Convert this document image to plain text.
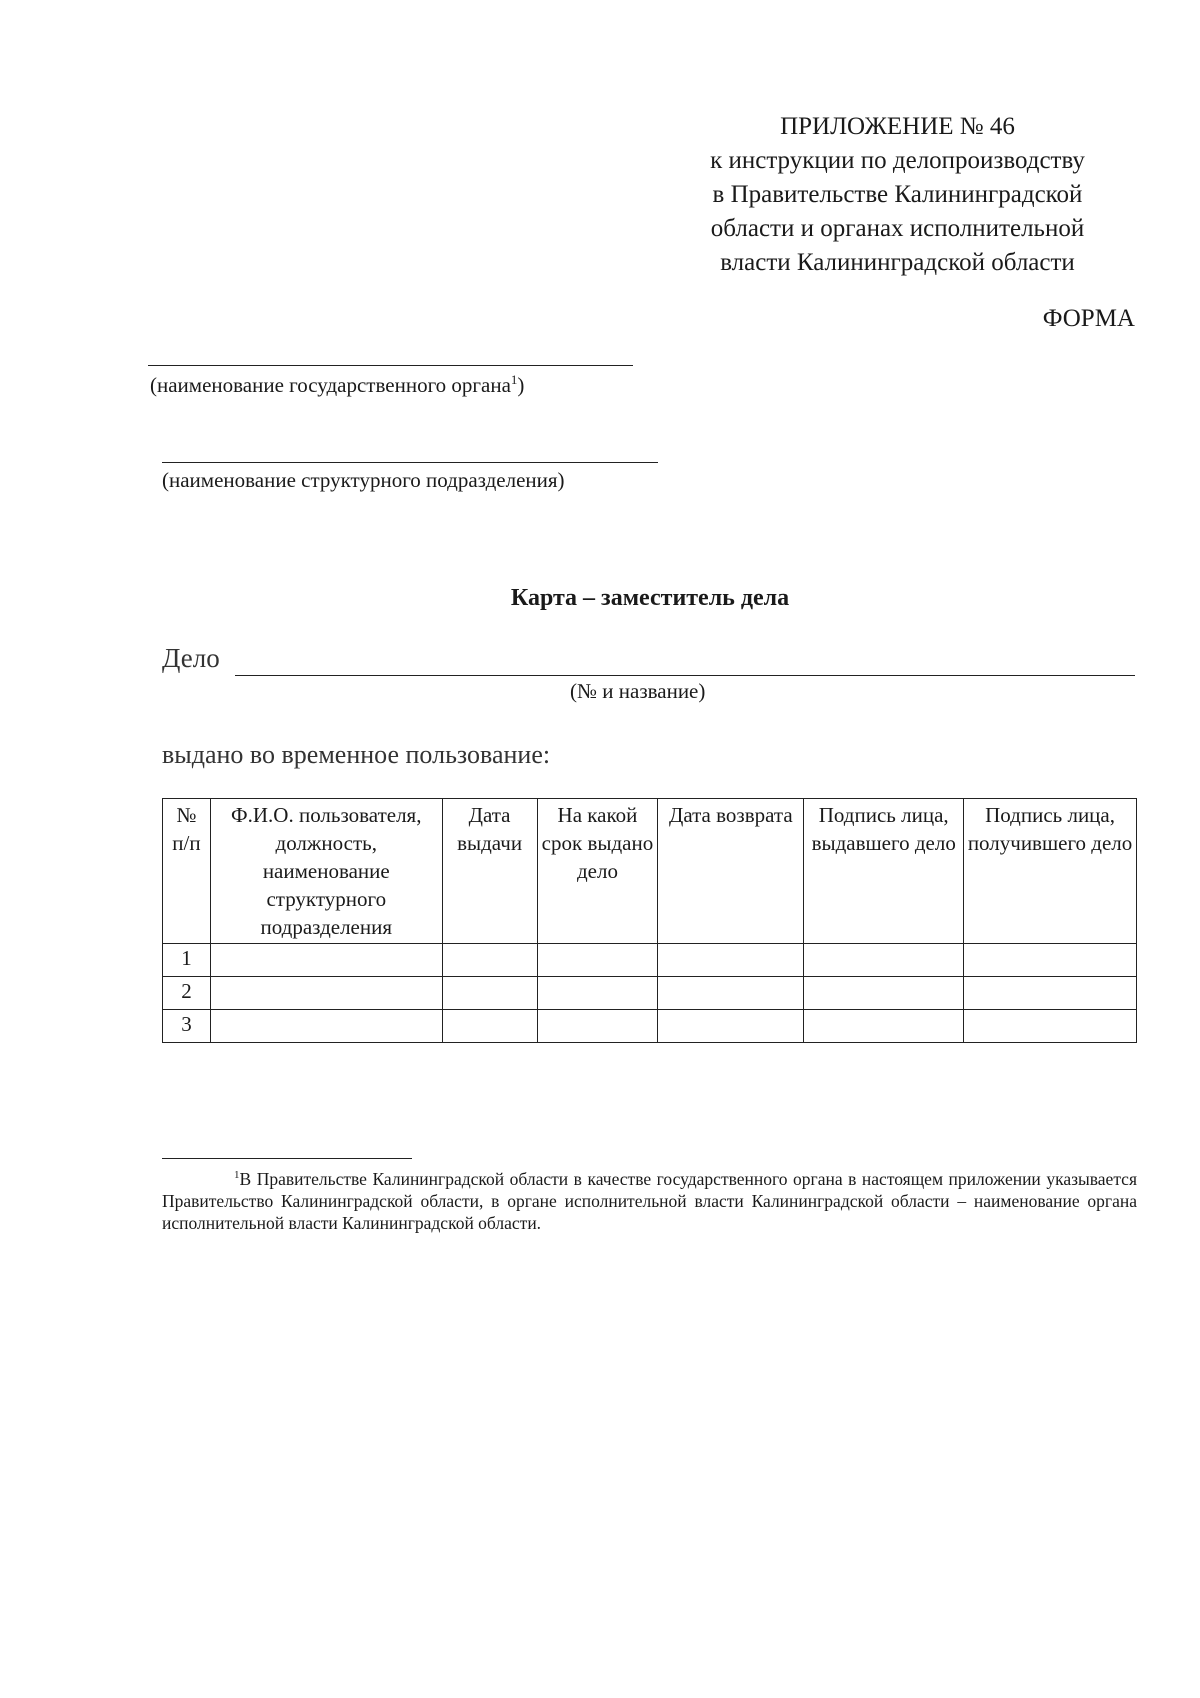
ПРИЛОЖЕНИЕ № 46
к инструкции по делопроизводству
в Правительстве Калининградской
области и органах исполнительной
власти Калининградской области
ФОРМА
(наименование государственного органа$^1$)
(наименование структурного подразделения)
Карта – заместитель дела
Дело
(№ и название)
выдано во временное пользование:
№ п/п	Ф.И.О. пользователя, должность, наименование структурного подразделения	Дата выдачи	На какой срок выдано дело	Дата возврата	Подпись лица, выдавшего дело	Подпись лица, получившего дело
1						
2						
3						
$^1$В Правительстве Калининградской области в качестве государственного органа в настоящем приложении указывается Правительство Калининградской области, в органе исполнительной власти Калининградской области – наименование органа исполнительной власти Калининградской области.
